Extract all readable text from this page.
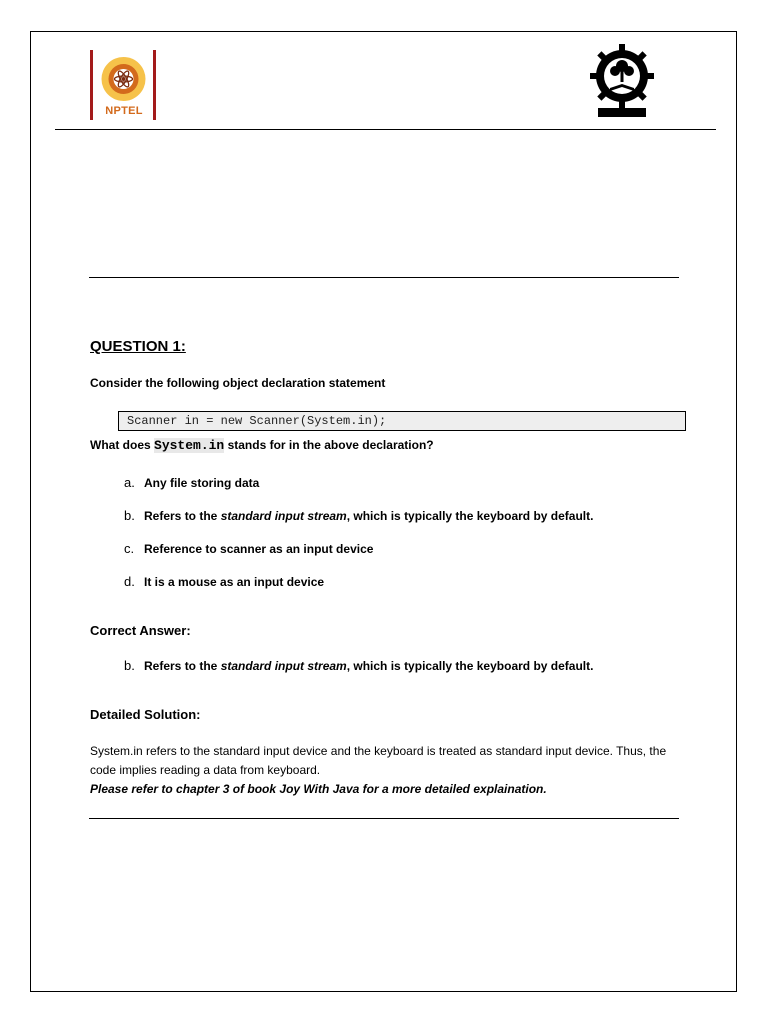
NPTEL
QUESTION 1:
Consider the following object declaration statement
Scanner in = new Scanner(System.in);
What does System.in stands for in the above declaration?
a. Any file storing data
b. Refers to the standard input stream, which is typically the keyboard by default.
c. Reference to scanner as an input device
d. It is a mouse as an input device
Correct Answer:
b. Refers to the standard input stream, which is typically the keyboard by default.
Detailed Solution:
System.in refers to the standard input device and the keyboard is treated as standard input device. Thus, the code implies reading a data from keyboard.
Please refer to chapter 3 of book Joy With Java for a more detailed explaination.
